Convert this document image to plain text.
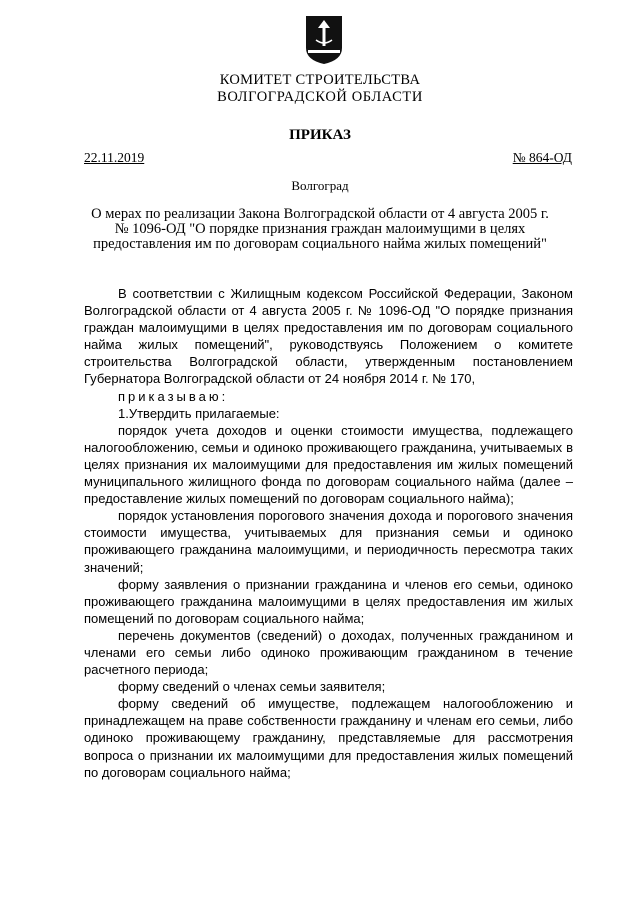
КОМИТЕТ СТРОИТЕЛЬСТВА
ВОЛГОГРАДСКОЙ ОБЛАСТИ
ПРИКАЗ
22.11.2019	№ 864-ОД
Волгоград
О мерах по реализации Закона Волгоградской области от 4 августа 2005 г.
№ 1096-ОД "О порядке признания граждан малоимущими в целях
предоставления им по договорам социального найма жилых помещений"

В соответствии с Жилищным кодексом Российской Федерации, Законом Волгоградской области от 4 августа 2005 г. № 1096-ОД "О порядке признания граждан малоимущими в целях предоставления им по договорам социального найма жилых помещений", руководствуясь Положением о комитете строительства Волгоградской области, утвержденным постановлением Губернатора Волгоградской области от 24 ноября 2014 г. № 170,

приказываю:

1.Утвердить прилагаемые:

порядок учета доходов и оценки стоимости имущества, подлежащего налогообложению, семьи и одиноко проживающего гражданина, учитываемых в целях признания их малоимущими для предоставления им жилых помещений муниципального жилищного фонда по договорам социального найма (далее – предоставление жилых помещений по договорам социального найма);

порядок установления порогового значения дохода и порогового значения стоимости имущества, учитываемых для признания семьи и одиноко проживающего гражданина малоимущими, и периодичность пересмотра таких значений;

форму заявления о признании гражданина и членов его семьи, одиноко проживающего гражданина малоимущими в целях предоставления им жилых помещений по договорам социального найма;

перечень документов (сведений) о доходах, полученных гражданином и членами его семьи либо одиноко проживающим гражданином в течение расчетного периода;

форму сведений о членах семьи заявителя;

форму сведений об имуществе, подлежащем налогообложению и принадлежащем на праве собственности гражданину и членам его семьи, либо одиноко проживающему гражданину, представляемые для рассмотрения вопроса о признании их малоимущими для предоставления жилых помещений по договорам социального найма;
